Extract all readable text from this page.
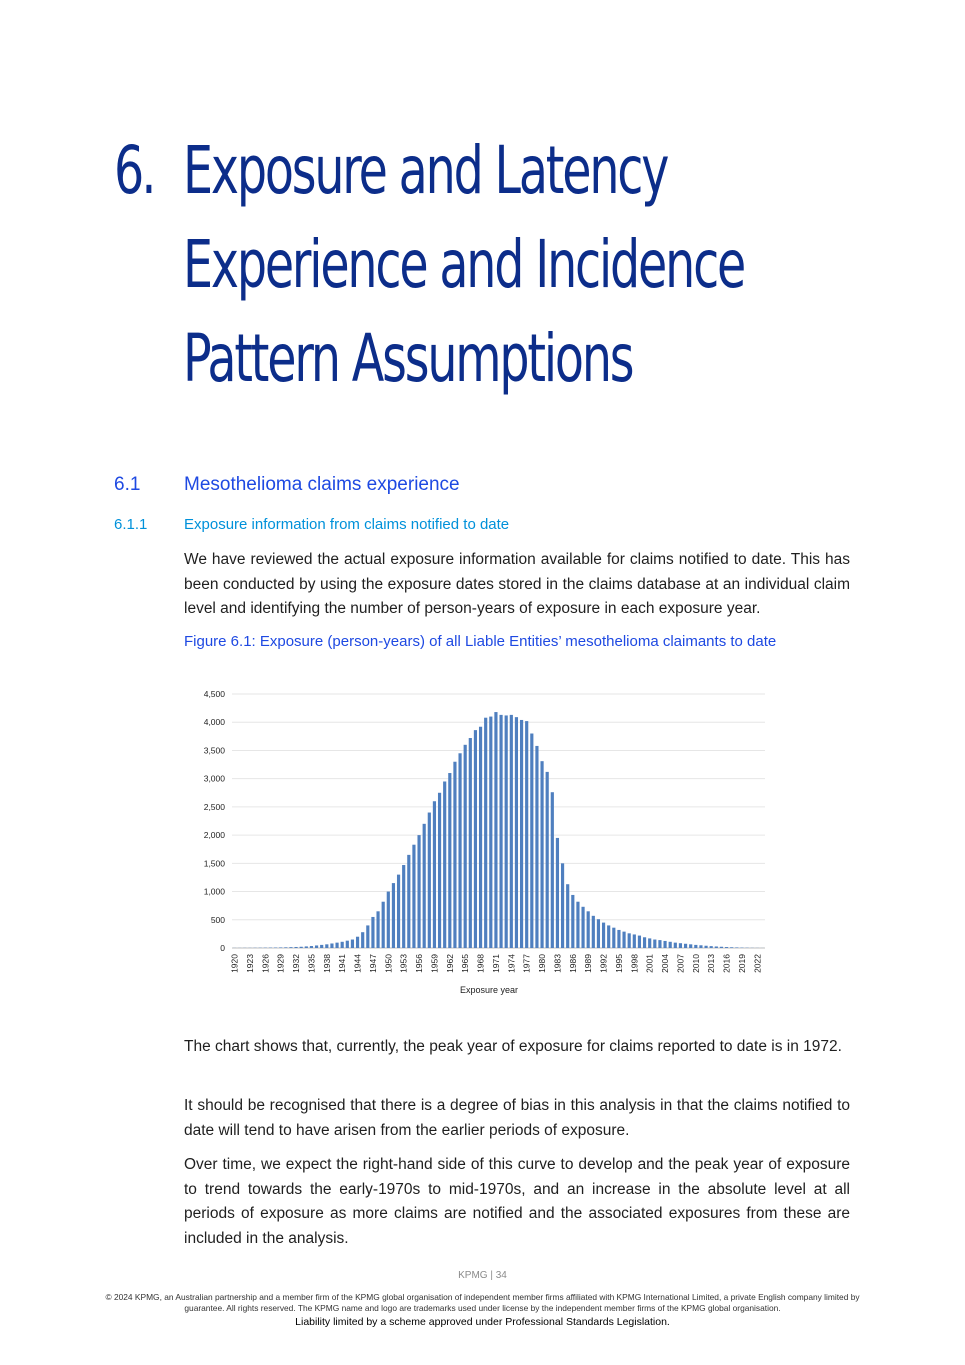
6. Exposure and Latency
Experience and Incidence
Pattern Assumptions
6.1 Mesothelioma claims experience
6.1.1 Exposure information from claims notified to date
We have reviewed the actual exposure information available for claims notified to date. This has been conducted by using the exposure dates stored in the claims database at an individual claim level and identifying the number of person-years of exposure in each exposure year.
Figure 6.1: Exposure (person-years) of all Liable Entities’ mesothelioma claimants to date
0
500
1,000
1,500
2,000
2,500
3,000
3,500
4,000
4,500
1920 1923 1926 1929 1932 1935 1938 1941 1944 1947 1950 1953 1956 1959 1962 1965 1968 1971 1974 1977 1980 1983 1986 1989 1992 1995 1998 2001 2004 2007 2010 2013 2016 2019 2022
Exposure year
The chart shows that, currently, the peak year of exposure for claims reported to date is in 1972.
It should be recognised that there is a degree of bias in this analysis in that the claims notified to date will tend to have arisen from the earlier periods of exposure.
Over time, we expect the right-hand side of this curve to develop and the peak year of exposure to trend towards the early-1970s to mid-1970s, and an increase in the absolute level at all periods of exposure as more claims are notified and the associated exposures from these are included in the analysis.
KPMG | 34
© 2024 KPMG, an Australian partnership and a member firm of the KPMG global organisation of independent member firms affiliated with KPMG International Limited, a private English company limited by guarantee. All rights reserved. The KPMG name and logo are trademarks used under license by the independent member firms of the KPMG global organisation.
Liability limited by a scheme approved under Professional Standards Legislation.
